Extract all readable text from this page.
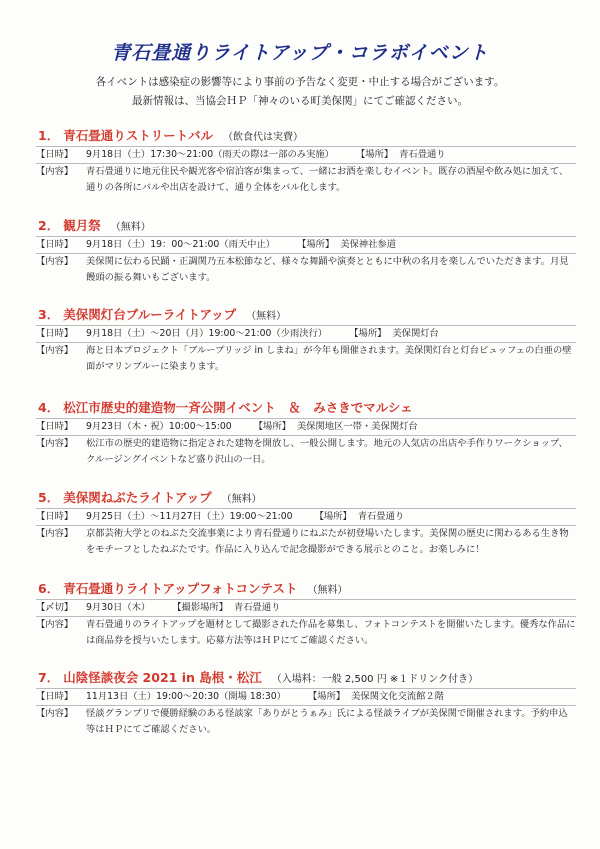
青石畳通りライトアップ・コラボイベント
各イベントは感染症の影響等により事前の予告なく変更・中止する場合がございます。
最新情報は、当協会ＨＰ「神々のいる町美保関」にてご確認ください。
1． 青石畳通りストリートバル （飲食代は実費）
【日時】	9月18日（土）17:30～21:00（雨天の際は一部のみ実施） 【場所】 青石畳通り
【内容】	青石畳通りに地元住民や観光客や宿泊客が集まって、一緒にお酒を楽しむイベント。既存の酒屋や飲み処に加えて、通りの各所にバルや出店を設けて、通り全体をバル化します。
2． 観月祭 （無料）
【日時】	9月18日（土）19：00～21:00（雨天中止） 【場所】 美保神社参道
【内容】	美保関に伝わる民踊・正調関乃五本松節など、様々な舞踊や演奏とともに中秋の名月を楽しんでいただきます。月見饅頭の振る舞いもございます。
3． 美保関灯台ブルーライトアップ （無料）
【日時】	9月18日（土）～20日（月）19:00～21:00（少雨決行） 【場所】 美保関灯台
【内容】	海と日本プロジェクト「ブループリッジ in しまね」が今年も開催されます。美保関灯台と灯台ビュッフェの白亜の壁面がマリンブルーに染まります。
4． 松江市歴史的建造物一斉公開イベント　＆　みさきでマルシェ
【日時】	9月23日（木・祝）10:00～15:00 【場所】 美保関地区一帯・美保関灯台
【内容】	松江市の歴史的建造物に指定された建物を開放し、一般公開します。地元の人気店の出店や手作りワークショップ、クルージングイベントなど盛り沢山の一日。
5． 美保関ねぶたライトアップ （無料）
【日時】	9月25日（土）～11月27日（土）19:00～21:00 【場所】 青石畳通り
【内容】	京都芸術大学とのねぶた交流事業により青石畳通りにねぶたが初登場いたします。美保関の歴史に関わるある生き物をモチーフとしたねぶたです。作品に入り込んで記念撮影ができる展示とのこと。お楽しみに！
6． 青石畳通りライトアップフォトコンテスト （無料）
【〆切】	9月30日（木） 【撮影場所】 青石畳通り
【内容】	青石畳通りのライトアップを題材として撮影された作品を募集し、フォトコンテストを開催いたします。優秀な作品には商品券を授与いたします。応募方法等はＨＰにてご確認ください。
7． 山陰怪談夜会 2021 in 島根・松江 （入場料：一般 2,500 円 ※１ドリンク付き）
【日時】	11月13日（土）19:00～20:30（開場 18:30） 【場所】 美保関文化交流館２階
【内容】	怪談グランプリで優勝経験のある怪談家「ありがとうぁみ」氏による怪談ライブが美保関で開催されます。予約申込等はＨＰにてご確認ください。
